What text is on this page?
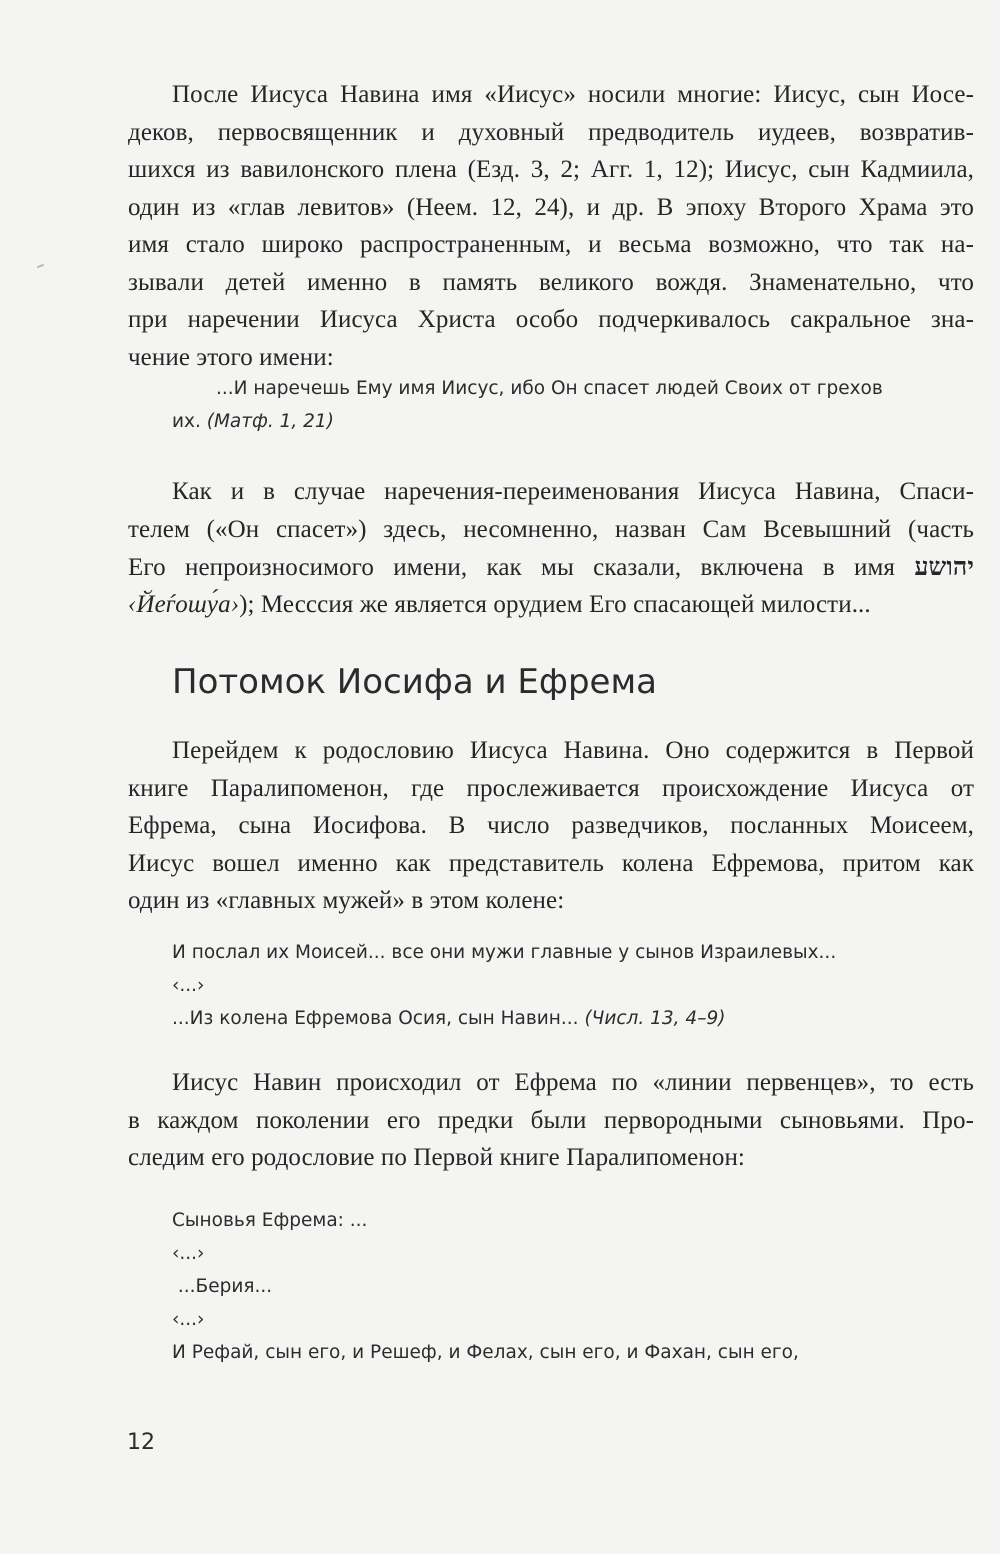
После Иисуса Навина имя «Иисус» носили многие: Иисус, сын Иосе-
деков, первосвященник и духовный предводитель иудеев, возвратив-
шихся из вавилонского плена (Езд. 3, 2; Агг. 1, 12); Иисус, сын Кадмиила,
один из «глав левитов» (Неем. 12, 24), и др. В эпоху Второго Храма это
имя стало широко распространенным, и весьма возможно, что так на-
зывали детей именно в память великого вождя. Знаменательно, что
при наречении Иисуса Христа особо подчеркивалось сакральное зна-
чение этого имени:
...И наречешь Ему имя Иисус, ибо Он спасет людей Своих от грехов
их. (Матф. 1, 21)
Как и в случае наречения-переименования Иисуса Навина, Спаси-
телем («Он спасет») здесь, несомненно, назван Сам Всевышний (часть
Его непроизносимого имени, как мы сказали, включена в имя יהושע
‹Йеѓошу́а›); Месссия же является орудием Его спасающей милости...
Потомок Иосифа и Ефрема
Перейдем к родословию Иисуса Навина. Оно содержится в Первой
книге Паралипоменон, где прослеживается происхождение Иисуса от
Ефрема, сына Иосифова. В число разведчиков, посланных Моисеем,
Иисус вошел именно как представитель колена Ефремова, притом как
один из «главных мужей» в этом колене:
И послал их Моисей... все они мужи главные у сынов Израилевых...
‹...›
...Из колена Ефремова Осия, сын Навин... (Числ. 13, 4–9)
Иисус Навин происходил от Ефрема по «линии первенцев», то есть
в каждом поколении его предки были первородными сыновьями. Про-
следим его родословие по Первой книге Паралипоменон:
Сыновья Ефрема: ...
‹...›
...Берия...
‹...›
И Рефай, сын его, и Решеф, и Фелах, сын его, и Фахан, сын его,
12
